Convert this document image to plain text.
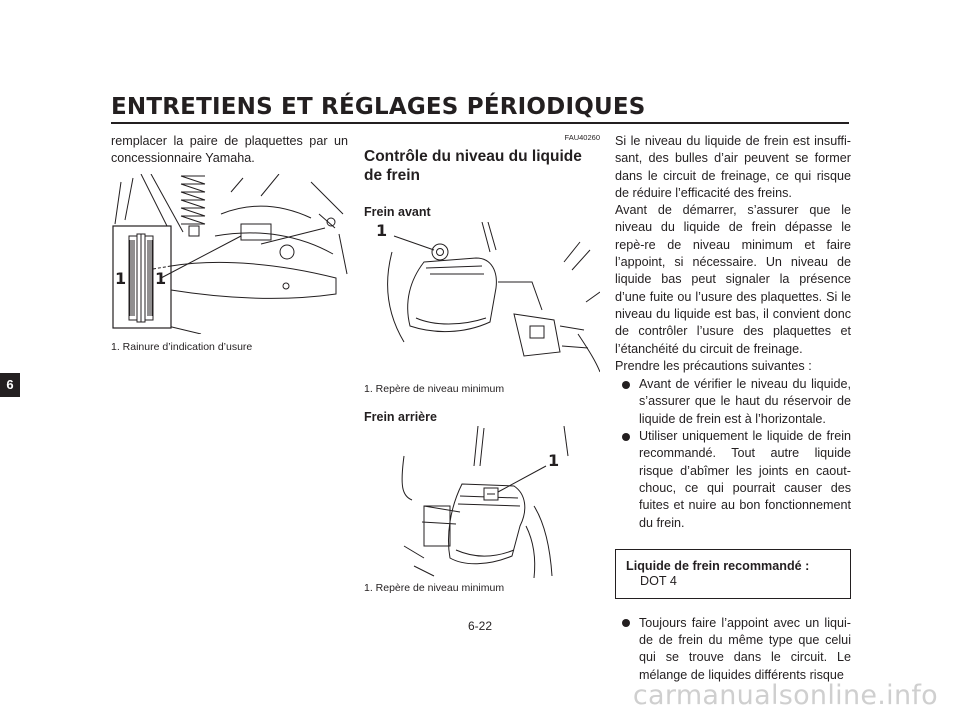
ENTRETIENS ET RÉGLAGES PÉRIODIQUES
6

remplacer la paire de plaquettes par un concessionnaire Yamaha.

1 1

1. Rainure d’indication d’usure

FAU40260
Contrôle du niveau du liquide de frein
Frein avant
1

1. Repère de niveau minimum

Frein arrière
1

1. Repère de niveau minimum

Si le niveau du liquide de frein est insuffi-sant, des bulles d’air peuvent se former dans le circuit de freinage, ce qui risque de réduire l’efficacité des freins.

Avant de démarrer, s’assurer que le niveau du liquide de frein dépasse le repè-re de niveau minimum et faire l’appoint, si nécessaire. Un niveau de liquide bas peut signaler la présence d’une fuite ou l’usure des plaquettes. Si le niveau du liquide est bas, il convient donc de contrôler l’usure des plaquettes et l’étanchéité du circuit de freinage.

Prendre les précautions suivantes :

Avant de vérifier le niveau du liquide, s’assurer que le haut du réservoir de liquide de frein est à l’horizontale.
Utiliser uniquement le liquide de frein recommandé. Tout autre liquide risque d’abîmer les joints en caout-chouc, ce qui pourrait causer des fuites et nuire au bon fonctionnement du frein.
Liquide de frein recommandé :
DOT 4
Toujours faire l’appoint avec un liqui-de de frein du même type que celui qui se trouve dans le circuit. Le mélange de liquides différents risque
6-22
carmanualsonline.info
